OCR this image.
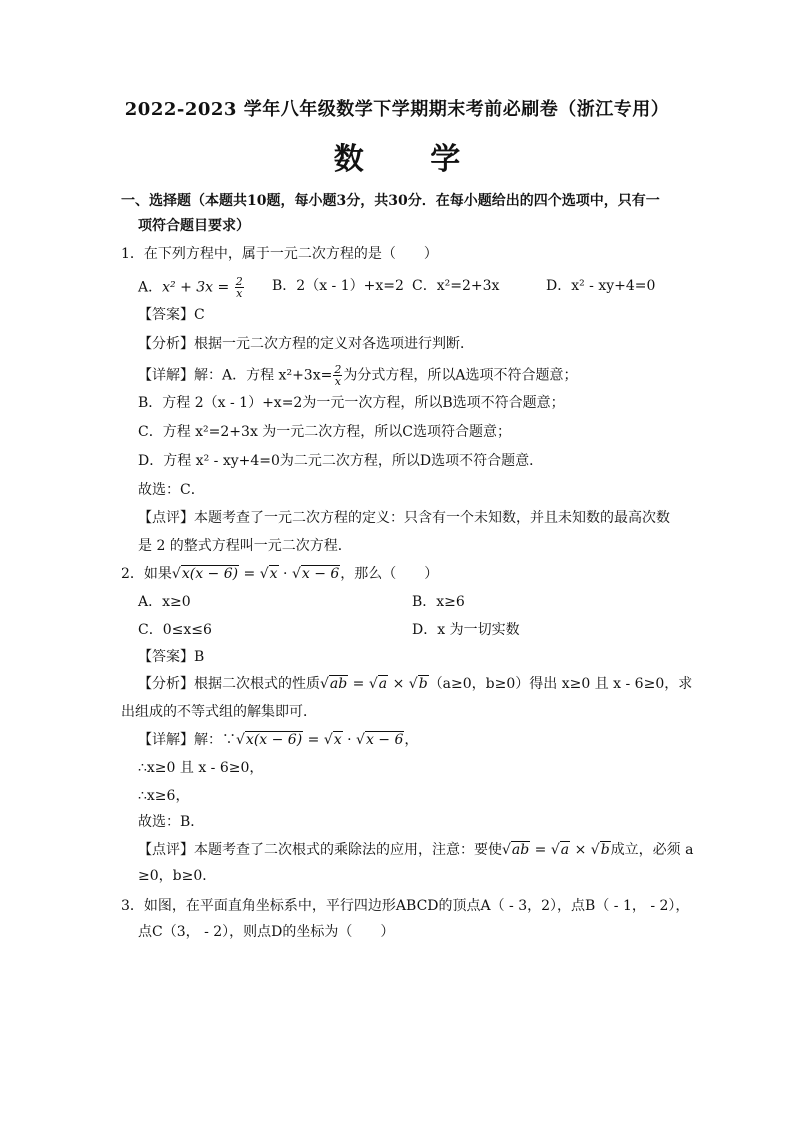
2022-2023 学年八年级数学下学期期末考前必刷卷（浙江专用）
数 学
一、选择题（本题共10题，每小题3分，共30分．在每小题给出的四个选项中，只有一
项符合题目要求）
1．在下列方程中，属于一元二次方程的是（　　）
A．$x^2 + 3x = \frac{2}{x}$ B．2（x - 1）+x=2 C．x²=2+3x	D．x² - xy+4=0
【答案】C
【分析】根据一元二次方程的定义对各选项进行判断．
【详解】解：A．方程 $x^2+3x= \frac{2}{x}$ 为分式方程，所以A选项不符合题意；
B．方程 2（x - 1）+x=2为一元一次方程，所以B选项不符合题意；
C．方程 x²=2+3x 为一元二次方程，所以C选项符合题意；
D．方程 x² - xy+4=0为二元二次方程，所以D选项不符合题意．
故选：C．
【点评】本题考查了一元二次方程的定义：只含有一个未知数，并且未知数的最高次数
是 2 的整式方程叫一元二次方程．
2．如果√x(x − 6) = √x · √x − 6，那么（　　）
A．x≥0	B．x≥6
C．0≤x≤6	D．x 为一切实数
【答案】B
【分析】根据二次根式的性质√ab = √a × √b（a≥0，b≥0）得出 x≥0 且 x - 6≥0，求
出组成的不等式组的解集即可．
【详解】解：∵√x(x − 6) = √x · √x − 6，
∴x≥0 且 x - 6≥0，
∴x≥6，
故选：B．
【点评】本题考查了二次根式的乘除法的应用，注意：要使√ab = √a × √b成立，必须 a
≥0，b≥0．
3．如图，在平面直角坐标系中，平行四边形ABCD的顶点A（ - 3，2），点B（ - 1， - 2），
点C（3， - 2），则点D的坐标为（　　）
